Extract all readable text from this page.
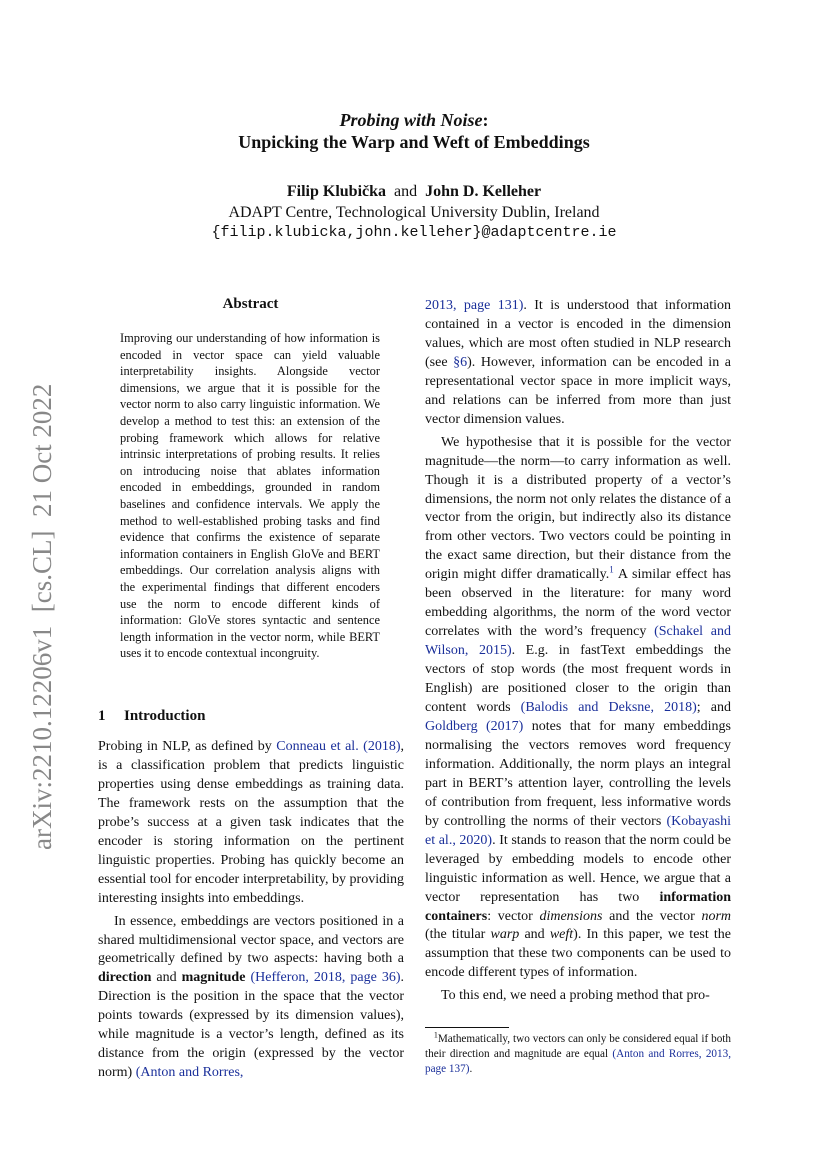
Probing with Noise:
Unpicking the Warp and Weft of Embeddings
Filip Klubička and John D. Kelleher
ADAPT Centre, Technological University Dublin, Ireland
{filip.klubicka,john.kelleher}@adaptcentre.ie
arXiv:2210.12206v1  [cs.CL]  21 Oct 2022
Abstract
Improving our understanding of how information is encoded in vector space can yield valuable interpretability insights. Alongside vector dimensions, we argue that it is possible for the vector norm to also carry linguistic information. We develop a method to test this: an extension of the probing framework which allows for relative intrinsic interpretations of probing results. It relies on introducing noise that ablates information encoded in embeddings, grounded in random baselines and confidence intervals. We apply the method to well-established probing tasks and find evidence that confirms the existence of separate information containers in English GloVe and BERT embeddings. Our correlation analysis aligns with the experimental findings that different encoders use the norm to encode different kinds of information: GloVe stores syntactic and sentence length information in the vector norm, while BERT uses it to encode contextual incongruity.
1 Introduction

Probing in NLP, as defined by Conneau et al. (2018), is a classification problem that predicts linguistic properties using dense embeddings as training data. The framework rests on the assumption that the probe’s success at a given task indicates that the encoder is storing information on the pertinent linguistic properties. Probing has quickly become an essential tool for encoder interpretability, by providing interesting insights into embeddings.

In essence, embeddings are vectors positioned in a shared multidimensional vector space, and vectors are geometrically defined by two aspects: having both a direction and magnitude (Hefferon, 2018, page 36). Direction is the position in the space that the vector points towards (expressed by its dimension values), while magnitude is a vector’s length, defined as its distance from the origin (expressed by the vector norm) (Anton and Rorres,

2013, page 131). It is understood that information contained in a vector is encoded in the dimension values, which are most often studied in NLP research (see §6). However, information can be encoded in a representational vector space in more implicit ways, and relations can be inferred from more than just vector dimension values.

We hypothesise that it is possible for the vector magnitude—the norm—to carry information as well. Though it is a distributed property of a vector’s dimensions, the norm not only relates the distance of a vector from the origin, but indirectly also its distance from other vectors. Two vectors could be pointing in the exact same direction, but their distance from the origin might differ dramatically.$^1$ A similar effect has been observed in the literature: for many word embedding algorithms, the norm of the word vector correlates with the word’s frequency (Schakel and Wilson, 2015). E.g. in fastText embeddings the vectors of stop words (the most frequent words in English) are positioned closer to the origin than content words (Balodis and Deksne, 2018); and Goldberg (2017) notes that for many embeddings normalising the vectors removes word frequency information. Additionally, the norm plays an integral part in BERT’s attention layer, controlling the levels of contribution from frequent, less informative words by controlling the norms of their vectors (Kobayashi et al., 2020). It stands to reason that the norm could be leveraged by embedding models to encode other linguistic information as well. Hence, we argue that a vector representation has two information containers: vector dimensions and the vector norm (the titular warp and weft). In this paper, we test the assumption that these two components can be used to encode different types of information.

To this end, we need a probing method that pro-

$^1$Mathematically, two vectors can only be considered equal if both their direction and magnitude are equal (Anton and Rorres, 2013, page 137).
